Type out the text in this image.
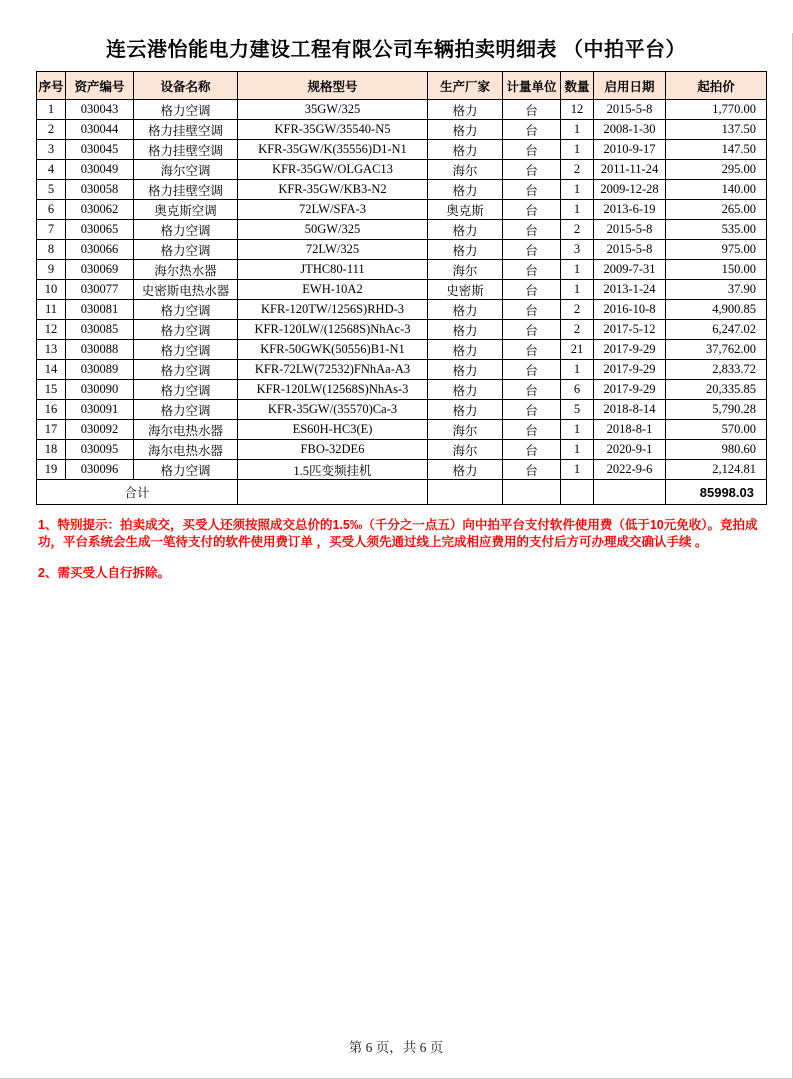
连云港怡能电力建设工程有限公司车辆拍卖明细表 （中拍平台）
序号	资产编号	设备名称	规格型号	生产厂家	计量单位	数量	启用日期	起拍价
1	030043	格力空调	35GW/325	格力	台	12	2015-5-8	1,770.00
2	030044	格力挂壁空调	KFR-35GW/35540-N5	格力	台	1	2008-1-30	137.50
3	030045	格力挂壁空调	KFR-35GW/K(35556)D1-N1	格力	台	1	2010-9-17	147.50
4	030049	海尔空调	KFR-35GW/OLGAC13	海尔	台	2	2011-11-24	295.00
5	030058	格力挂壁空调	KFR-35GW/KB3-N2	格力	台	1	2009-12-28	140.00
6	030062	奥克斯空调	72LW/SFA-3	奥克斯	台	1	2013-6-19	265.00
7	030065	格力空调	50GW/325	格力	台	2	2015-5-8	535.00
8	030066	格力空调	72LW/325	格力	台	3	2015-5-8	975.00
9	030069	海尔热水器	JTHC80-111	海尔	台	1	2009-7-31	150.00
10	030077	史密斯电热水器	EWH-10A2	史密斯	台	1	2013-1-24	37.90
11	030081	格力空调	KFR-120TW/1256S)RHD-3	格力	台	2	2016-10-8	4,900.85
12	030085	格力空调	KFR-120LW/(12568S)NhAc-3	格力	台	2	2017-5-12	6,247.02
13	030088	格力空调	KFR-50GWK(50556)B1-N1	格力	台	21	2017-9-29	37,762.00
14	030089	格力空调	KFR-72LW(72532)FNhAa-A3	格力	台	1	2017-9-29	2,833.72
15	030090	格力空调	KFR-120LW(12568S)NhAs-3	格力	台	6	2017-9-29	20,335.85
16	030091	格力空调	KFR-35GW/(35570)Ca-3	格力	台	5	2018-8-14	5,790.28
17	030092	海尔电热水器	ES60H-HC3(E)	海尔	台	1	2018-8-1	570.00
18	030095	海尔电热水器	FBO-32DE6	海尔	台	1	2020-9-1	980.60
19	030096	格力空调	1.5匹变频挂机	格力	台	1	2022-9-6	2,124.81
合计								85998.03

1、特别提示：拍卖成交，买受人还须按照成交总价的1.5‰（千分之一点五）向中拍平台支付软件使用费（低于10元免收）。竞拍成功，平台系统会生成一笔待支付的软件使用费订单 ，买受人须先通过线上完成相应费用的支付后方可办理成交确认手续 。

2、需买受人自行拆除。

第 6 页，共 6 页
